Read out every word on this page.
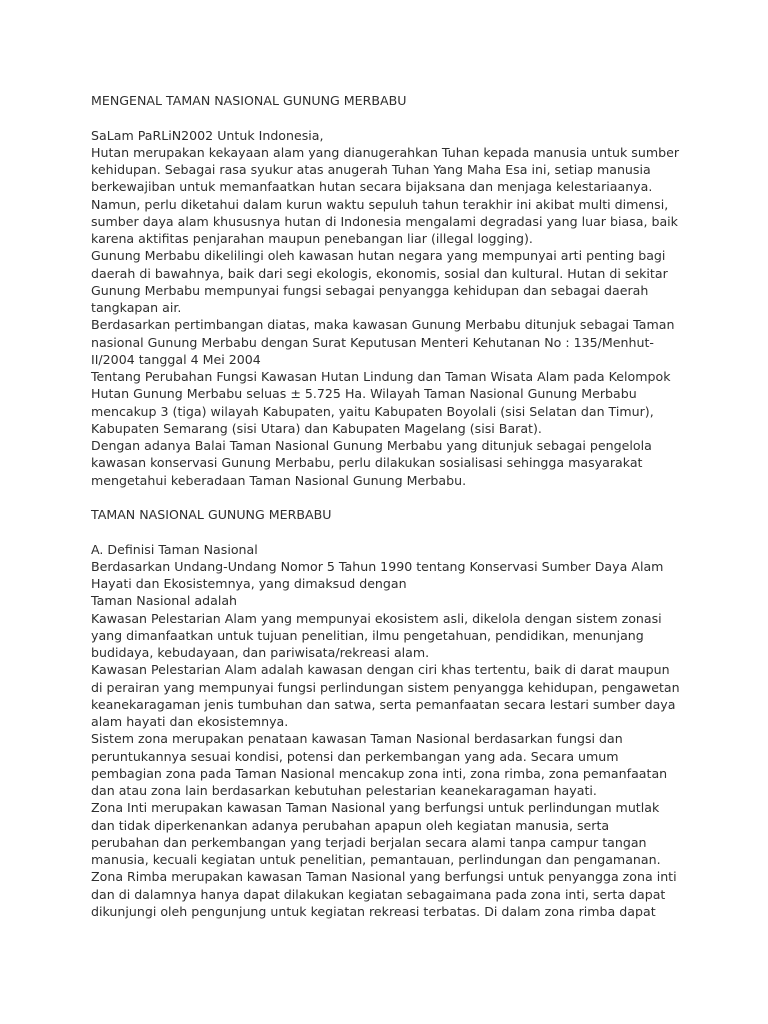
MENGENAL TAMAN NASIONAL GUNUNG MERBABU
SaLam PaRLiN2002 Untuk Indonesia,
Hutan merupakan kekayaan alam yang dianugerahkan Tuhan kepada manusia untuk sumber
kehidupan. Sebagai rasa syukur atas anugerah Tuhan Yang Maha Esa ini, setiap manusia
berkewajiban untuk memanfaatkan hutan secara bijaksana dan menjaga kelestariaanya.
Namun, perlu diketahui dalam kurun waktu sepuluh tahun terakhir ini akibat multi dimensi,
sumber daya alam khususnya hutan di Indonesia mengalami degradasi yang luar biasa, baik
karena aktifitas penjarahan maupun penebangan liar (illegal logging).
Gunung Merbabu dikelilingi oleh kawasan hutan negara yang mempunyai arti penting bagi
daerah di bawahnya, baik dari segi ekologis, ekonomis, sosial dan kultural. Hutan di sekitar
Gunung Merbabu mempunyai fungsi sebagai penyangga kehidupan dan sebagai daerah
tangkapan air.
Berdasarkan pertimbangan diatas, maka kawasan Gunung Merbabu ditunjuk sebagai Taman
nasional Gunung Merbabu dengan Surat Keputusan Menteri Kehutanan No : 135/Menhut-
II/2004 tanggal 4 Mei 2004
Tentang Perubahan Fungsi Kawasan Hutan Lindung dan Taman Wisata Alam pada Kelompok
Hutan Gunung Merbabu seluas ± 5.725 Ha. Wilayah Taman Nasional Gunung Merbabu
mencakup 3 (tiga) wilayah Kabupaten, yaitu Kabupaten Boyolali (sisi Selatan dan Timur),
Kabupaten Semarang (sisi Utara) dan Kabupaten Magelang (sisi Barat).
Dengan adanya Balai Taman Nasional Gunung Merbabu yang ditunjuk sebagai pengelola
kawasan konservasi Gunung Merbabu, perlu dilakukan sosialisasi sehingga masyarakat
mengetahui keberadaan Taman Nasional Gunung Merbabu.
TAMAN NASIONAL GUNUNG MERBABU
A. Definisi Taman Nasional
Berdasarkan Undang-Undang Nomor 5 Tahun 1990 tentang Konservasi Sumber Daya Alam
Hayati dan Ekosistemnya, yang dimaksud dengan
Taman Nasional adalah
Kawasan Pelestarian Alam yang mempunyai ekosistem asli, dikelola dengan sistem zonasi
yang dimanfaatkan untuk tujuan penelitian, ilmu pengetahuan, pendidikan, menunjang
budidaya, kebudayaan, dan pariwisata/rekreasi alam.
Kawasan Pelestarian Alam adalah kawasan dengan ciri khas tertentu, baik di darat maupun
di perairan yang mempunyai fungsi perlindungan sistem penyangga kehidupan, pengawetan
keanekaragaman jenis tumbuhan dan satwa, serta pemanfaatan secara lestari sumber daya
alam hayati dan ekosistemnya.
Sistem zona merupakan penataan kawasan Taman Nasional berdasarkan fungsi dan
peruntukannya sesuai kondisi, potensi dan perkembangan yang ada. Secara umum
pembagian zona pada Taman Nasional mencakup zona inti, zona rimba, zona pemanfaatan
dan atau zona lain berdasarkan kebutuhan pelestarian keanekaragaman hayati.
Zona Inti merupakan kawasan Taman Nasional yang berfungsi untuk perlindungan mutlak
dan tidak diperkenankan adanya perubahan apapun oleh kegiatan manusia, serta
perubahan dan perkembangan yang terjadi berjalan secara alami tanpa campur tangan
manusia, kecuali kegiatan untuk penelitian, pemantauan, perlindungan dan pengamanan.
Zona Rimba merupakan kawasan Taman Nasional yang berfungsi untuk penyangga zona inti
dan di dalamnya hanya dapat dilakukan kegiatan sebagaimana pada zona inti, serta dapat
dikunjungi oleh pengunjung untuk kegiatan rekreasi terbatas. Di dalam zona rimba dapat
